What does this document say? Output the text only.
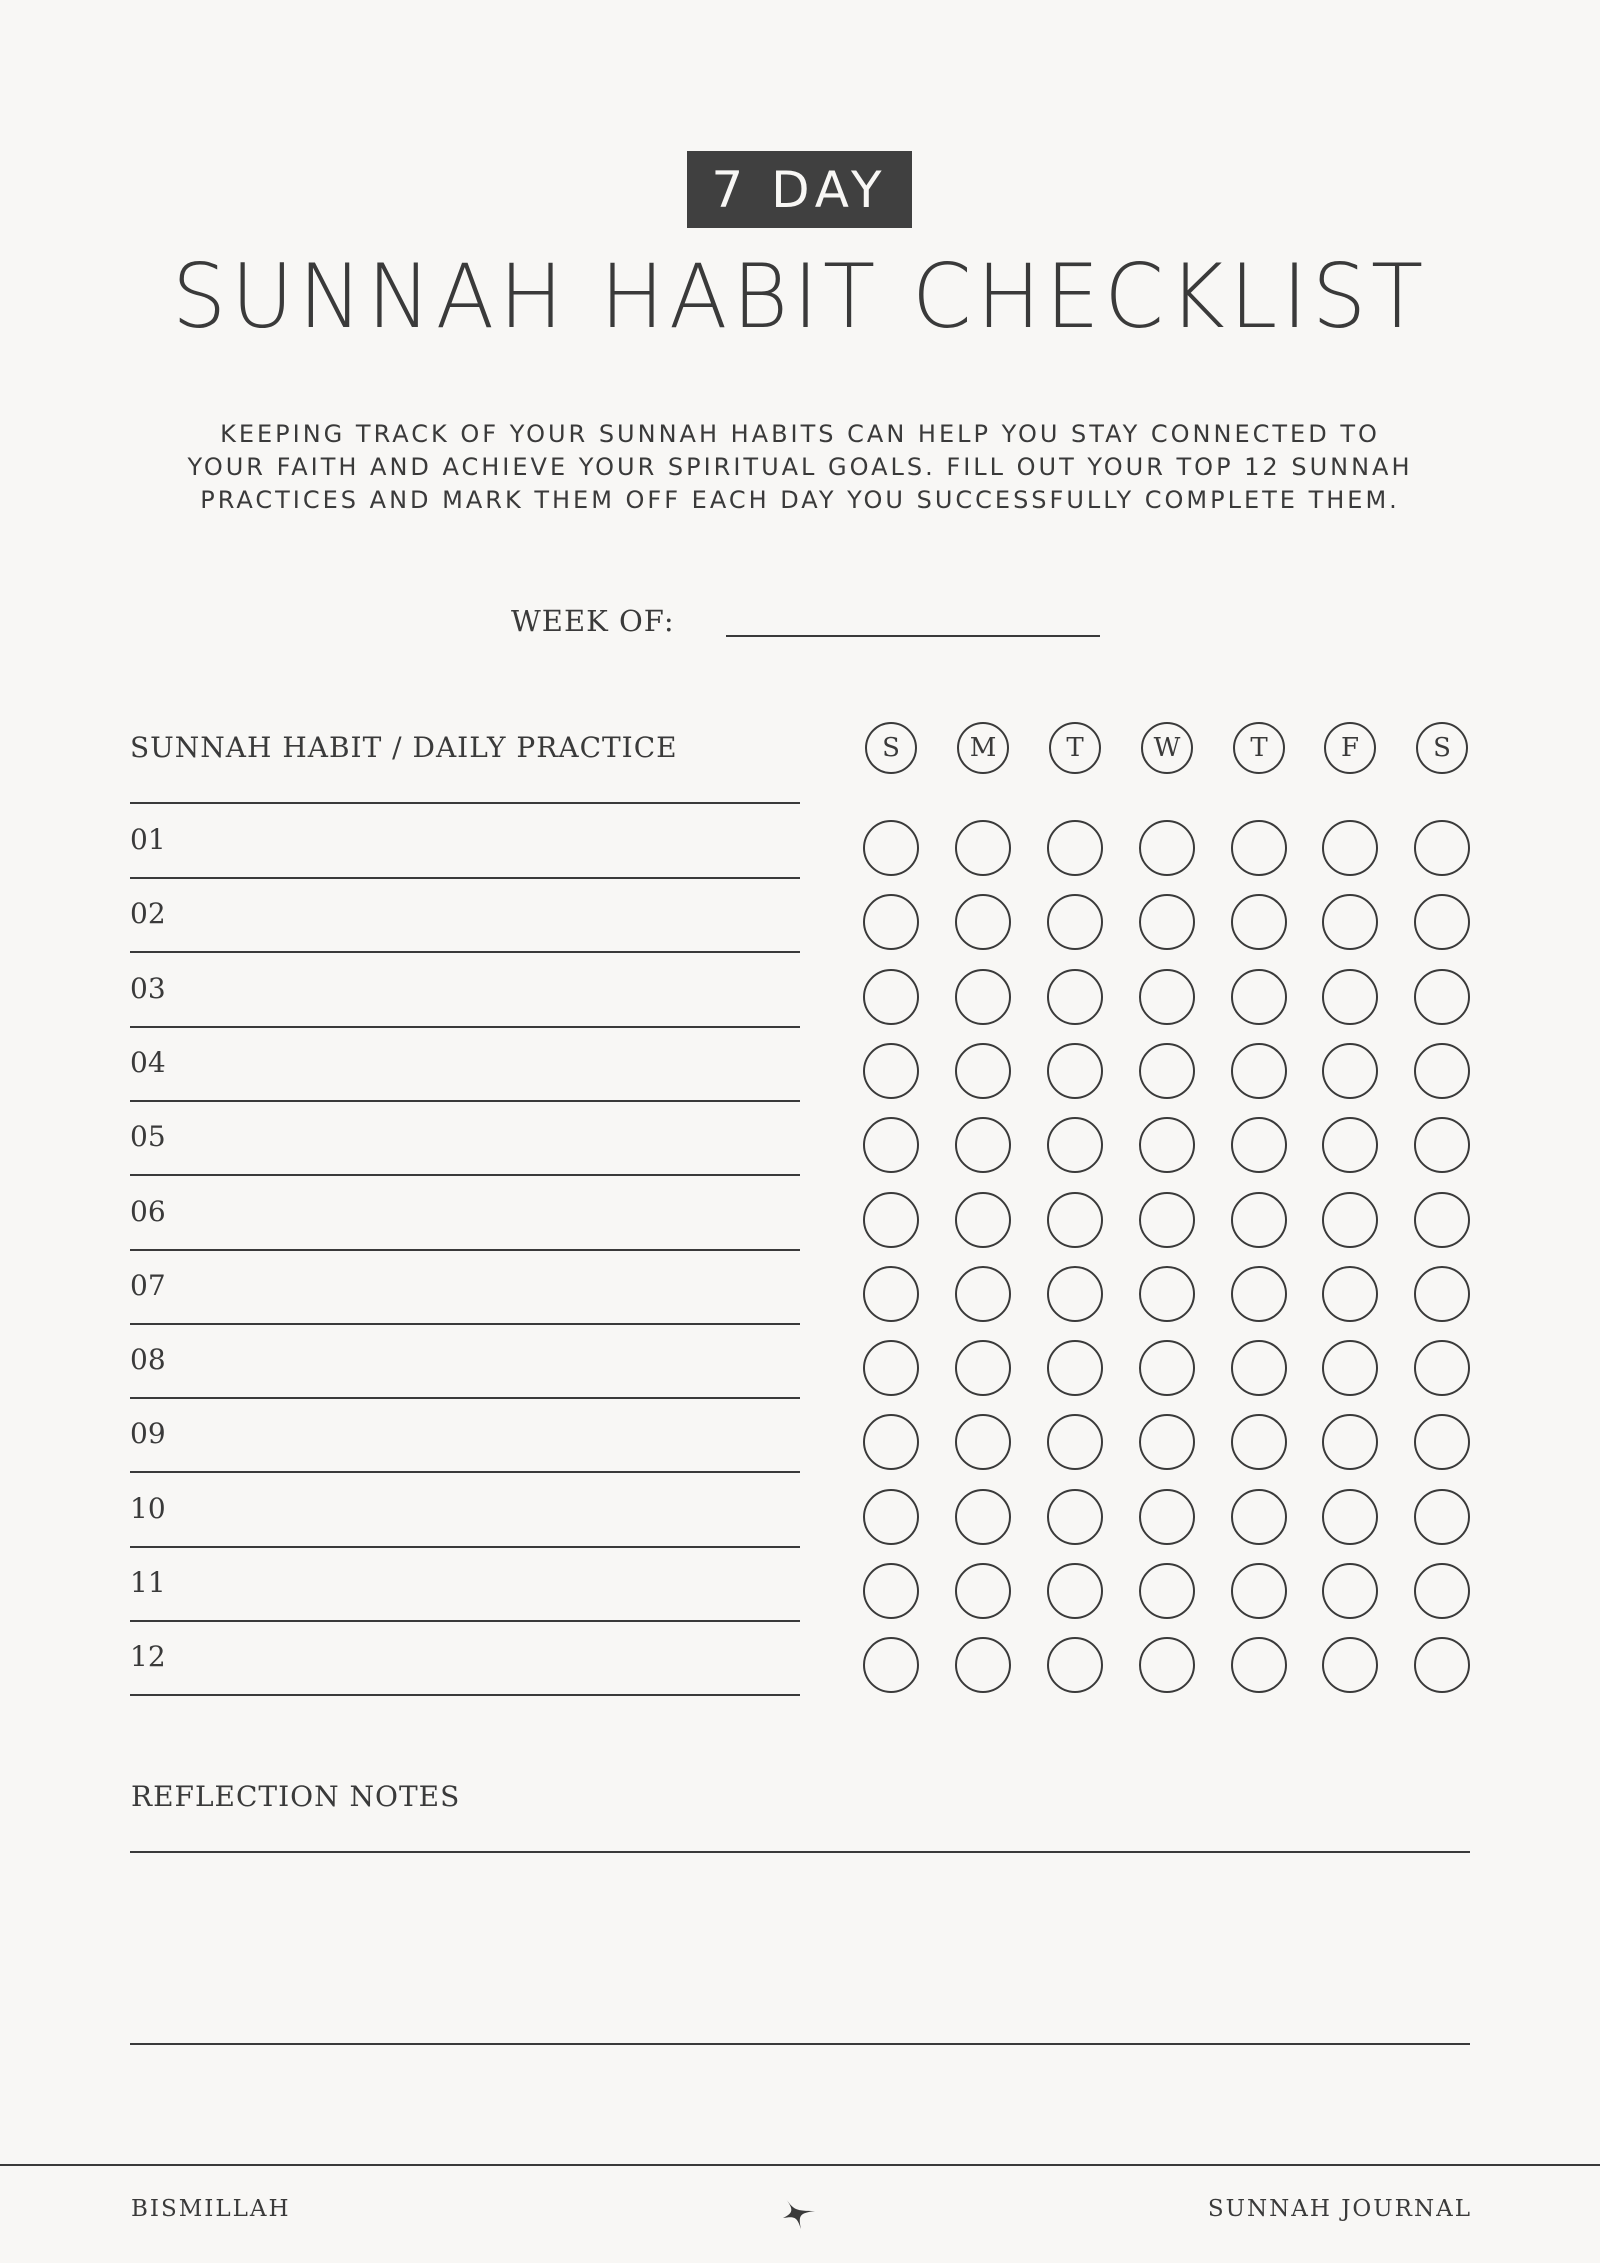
7 DAY
SUNNAH HABIT CHECKLIST
KEEPING TRACK OF YOUR SUNNAH HABITS CAN HELP YOU STAY CONNECTED TO
YOUR FAITH AND ACHIEVE YOUR SPIRITUAL GOALS. FILL OUT YOUR TOP 12 SUNNAH
PRACTICES AND MARK THEM OFF EACH DAY YOU SUCCESSFULLY COMPLETE THEM.
WEEK OF:
SUNNAH HABIT / DAILY PRACTICE	S	M	T	W	T	F	S
01
02
03
04
05
06
07
08
09
10
11
12
REFLECTION NOTES
BISMILLAH	SUNNAH JOURNAL
